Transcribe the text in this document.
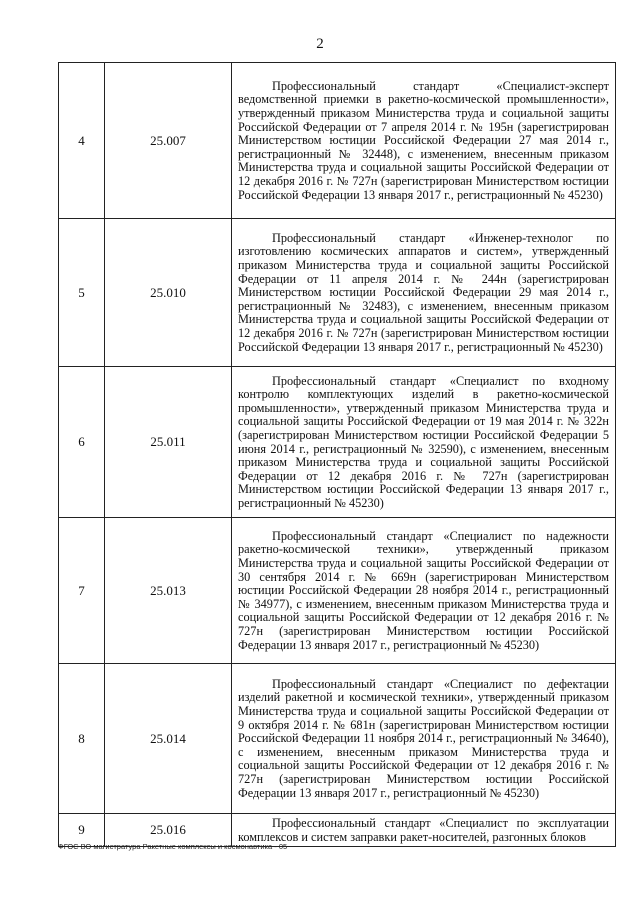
2
4	25.007	Профессиональный стандарт «Специалист-эксперт ведомственной приемки в ракетно-космической промышленности», утвержденный приказом Министерства труда и социальной защиты Российской Федерации от 7 апреля 2014 г. № 195н (зарегистрирован Министерством юстиции Российской Федерации 27 мая 2014 г., регистрационный № 32448), с изменением, внесенным приказом Министерства труда и социальной защиты Российской Федерации от 12 декабря 2016 г. № 727н (зарегистрирован Министерством юстиции Российской Федерации 13 января 2017 г., регистрационный № 45230)
5	25.010	Профессиональный стандарт «Инженер-технолог по изготовлению космических аппаратов и систем», утвержденный приказом Министерства труда и социальной защиты Российской Федерации от 11 апреля 2014 г. № 244н (зарегистрирован Министерством юстиции Российской Федерации 29 мая 2014 г., регистрационный № 32483), с изменением, внесенным приказом Министерства труда и социальной защиты Российской Федерации от 12 декабря 2016 г. № 727н (зарегистрирован Министерством юстиции Российской Федерации 13 января 2017 г., регистрационный № 45230)
6	25.011	Профессиональный стандарт «Специалист по входному контролю комплектующих изделий в ракетно-космической промышленности», утвержденный приказом Министерства труда и социальной защиты Российской Федерации от 19 мая 2014 г. № 322н (зарегистрирован Министерством юстиции Российской Федерации 5 июня 2014 г., регистрационный № 32590), с изменением, внесенным приказом Министерства труда и социальной защиты Российской Федерации от 12 декабря 2016 г. № 727н (зарегистрирован Министерством юстиции Российской Федерации 13 января 2017 г., регистрационный № 45230)
7	25.013	Профессиональный стандарт «Специалист по надежности ракетно-космической техники», утвержденный приказом Министерства труда и социальной защиты Российской Федерации от 30 сентября 2014 г. № 669н (зарегистрирован Министерством юстиции Российской Федерации 28 ноября 2014 г., регистрационный № 34977), с изменением, внесенным приказом Министерства труда и социальной защиты Российской Федерации от 12 декабря 2016 г. № 727н (зарегистрирован Министерством юстиции Российской Федерации 13 января 2017 г., регистрационный № 45230)
8	25.014	Профессиональный стандарт «Специалист по дефектации изделий ракетной и космической техники», утвержденный приказом Министерства труда и социальной защиты Российской Федерации от 9 октября 2014 г. № 681н (зарегистрирован Министерством юстиции Российской Федерации 11 ноября 2014 г., регистрационный № 34640), с изменением, внесенным приказом Министерства труда и социальной защиты Российской Федерации от 12 декабря 2016 г. № 727н (зарегистрирован Министерством юстиции Российской Федерации 13 января 2017 г., регистрационный № 45230)
9	25.016	Профессиональный стандарт «Специалист по эксплуатации комплексов и систем заправки ракет-носителей, разгонных блоков
ФГОС ВО магистратура Ракетные комплексы и космонавтика - 05
